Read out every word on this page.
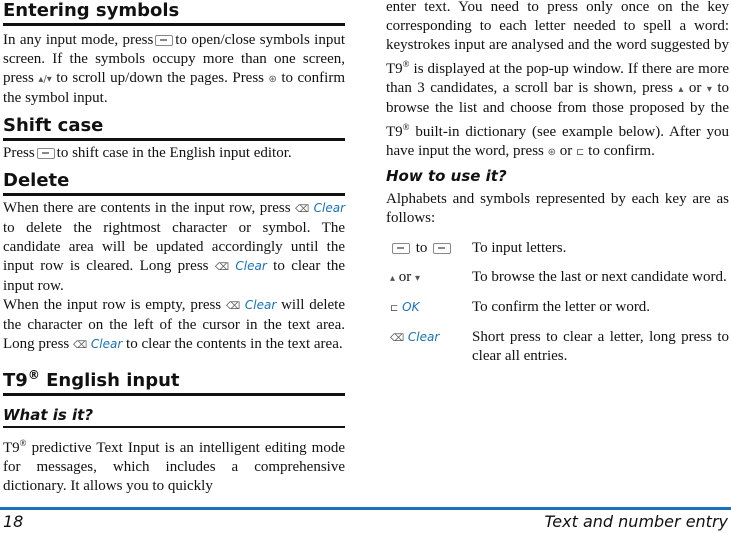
Entering symbols

In any input mode, press to open/close symbols input screen. If the symbols occupy more than one screen, press ▴/▾ to scroll up/down the pages. Press ⊛ to confirm the symbol input.

Shift case

Press to shift case in the English input editor.

Delete

When there are contents in the input row, press ⌫ Clear to delete the rightmost character or symbol. The candidate area will be updated accordingly until the input row is cleared. Long press ⌫ Clear to clear the input row.

When the input row is empty, press ⌫ Clear will delete the character on the left of the cursor in the text area. Long press ⌫ Clear to clear the contents in the text area.

T9® English input
What is it?

T9® predictive Text Input is an intelligent editing mode for messages, which includes a comprehensive dictionary. It allows you to quickly

enter text. You need to press only once on the key corresponding to each letter needed to spell a word: keystrokes input are analysed and the word suggested by T9® is displayed at the pop-up window. If there are more than 3 candidates, a scroll bar is shown, press ▴ or ▾ to browse the list and choose from those proposed by the T9® built-in dictionary (see example below). After you have input the word, press ⊛ or ⊏ to confirm.

How to use it?

Alphabets and symbols represented by each key are as follows:

to	To input letters.
▴ or ▾	To browse the last or next candidate word.
⊏ OK	To confirm the letter or word.
⌫ Clear	Short press to clear a letter, long press to clear all entries.
18	Text and number entry
